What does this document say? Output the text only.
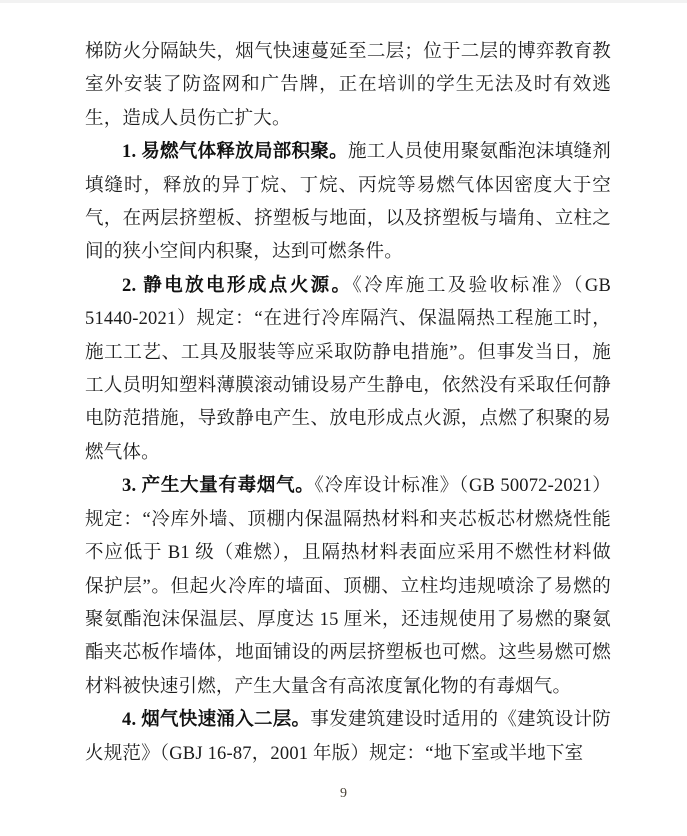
梯防火分隔缺失，烟气快速蔓延至二层；位于二层的博弈教育教室外安装了防盗网和广告牌，正在培训的学生无法及时有效逃生，造成人员伤亡扩大。

1. 易燃气体释放局部积聚。施工人员使用聚氨酯泡沫填缝剂填缝时，释放的异丁烷、丁烷、丙烷等易燃气体因密度大于空气，在两层挤塑板、挤塑板与地面，以及挤塑板与墙角、立柱之间的狭小空间内积聚，达到可燃条件。

2. 静电放电形成点火源。《冷库施工及验收标准》（GB 51440-2021）规定：“在进行冷库隔汽、保温隔热工程施工时，施工工艺、工具及服装等应采取防静电措施”。但事发当日，施工人员明知塑料薄膜滚动铺设易产生静电，依然没有采取任何静电防范措施，导致静电产生、放电形成点火源，点燃了积聚的易燃气体。

3. 产生大量有毒烟气。《冷库设计标准》（GB 50072-2021）规定：“冷库外墙、顶棚内保温隔热材料和夹芯板芯材燃烧性能不应低于 B1 级（难燃），且隔热材料表面应采用不燃性材料做保护层”。但起火冷库的墙面、顶棚、立柱均违规喷涂了易燃的聚氨酯泡沫保温层、厚度达 15 厘米，还违规使用了易燃的聚氨酯夹芯板作墙体，地面铺设的两层挤塑板也可燃。这些易燃可燃材料被快速引燃，产生大量含有高浓度氰化物的有毒烟气。

4. 烟气快速涌入二层。事发建筑建设时适用的《建筑设计防火规范》（GBJ 16-87，2001 年版）规定：“地下室或半地下室

9
